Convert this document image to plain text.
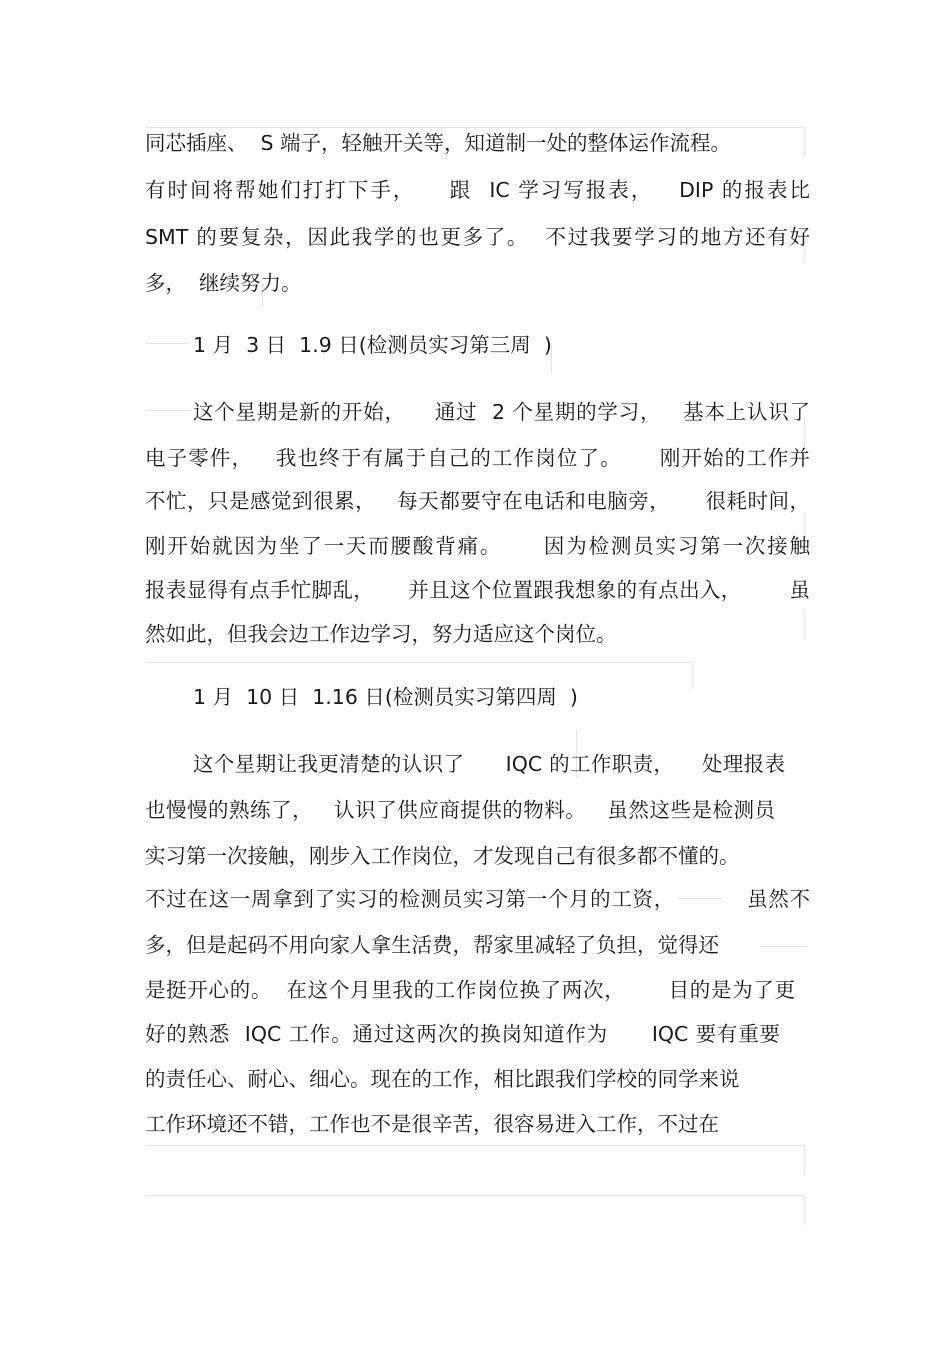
同芯插座、  S 端子，轻触开关等，知道制一处的整体运作流程。
有时间将帮她们打打下手，    跟  IC 学习写报表，   DIP 的报表比
SMT 的要复杂，因此我学的也更多了。  不过我要学习的地方还有好
多，  继续努力。
1 月  3 日  1.9 日(检测员实习第三周  )
这个星期是新的开始，    通过  2 个星期的学习，   基本上认识了
电子零件，   我也终于有属于自己的工作岗位了。     刚开始的工作并
不忙，只是感觉到很累，   每天都要守在电话和电脑旁，     很耗时间，
刚开始就因为坐了一天而腰酸背痛。     因为检测员实习第一次接触
报表显得有点手忙脚乱，     并且这个位置跟我想象的有点出入，       虽
然如此，但我会边工作边学习，努力适应这个岗位。
1 月  10 日  1.16 日(检测员实习第四周  )
这个星期让我更清楚的认识了      IQC 的工作职责，    处理报表
也慢慢的熟练了，   认识了供应商提供的物料。   虽然这些是检测员
实习第一次接触，刚步入工作岗位，才发现自己有很多都不懂的。
不过在这一周拿到了实习的检测员实习第一个月的工资，          虽然不
多，但是起码不用向家人拿生活费，帮家里减轻了负担，觉得还
是挺开心的。  在这个月里我的工作岗位换了两次，      目的是为了更
好的熟悉  IQC 工作。通过这两次的换岗知道作为      IQC 要有重要
的责任心、耐心、细心。现在的工作，相比跟我们学校的同学来说
工作环境还不错，工作也不是很辛苦，很容易进入工作，不过在
